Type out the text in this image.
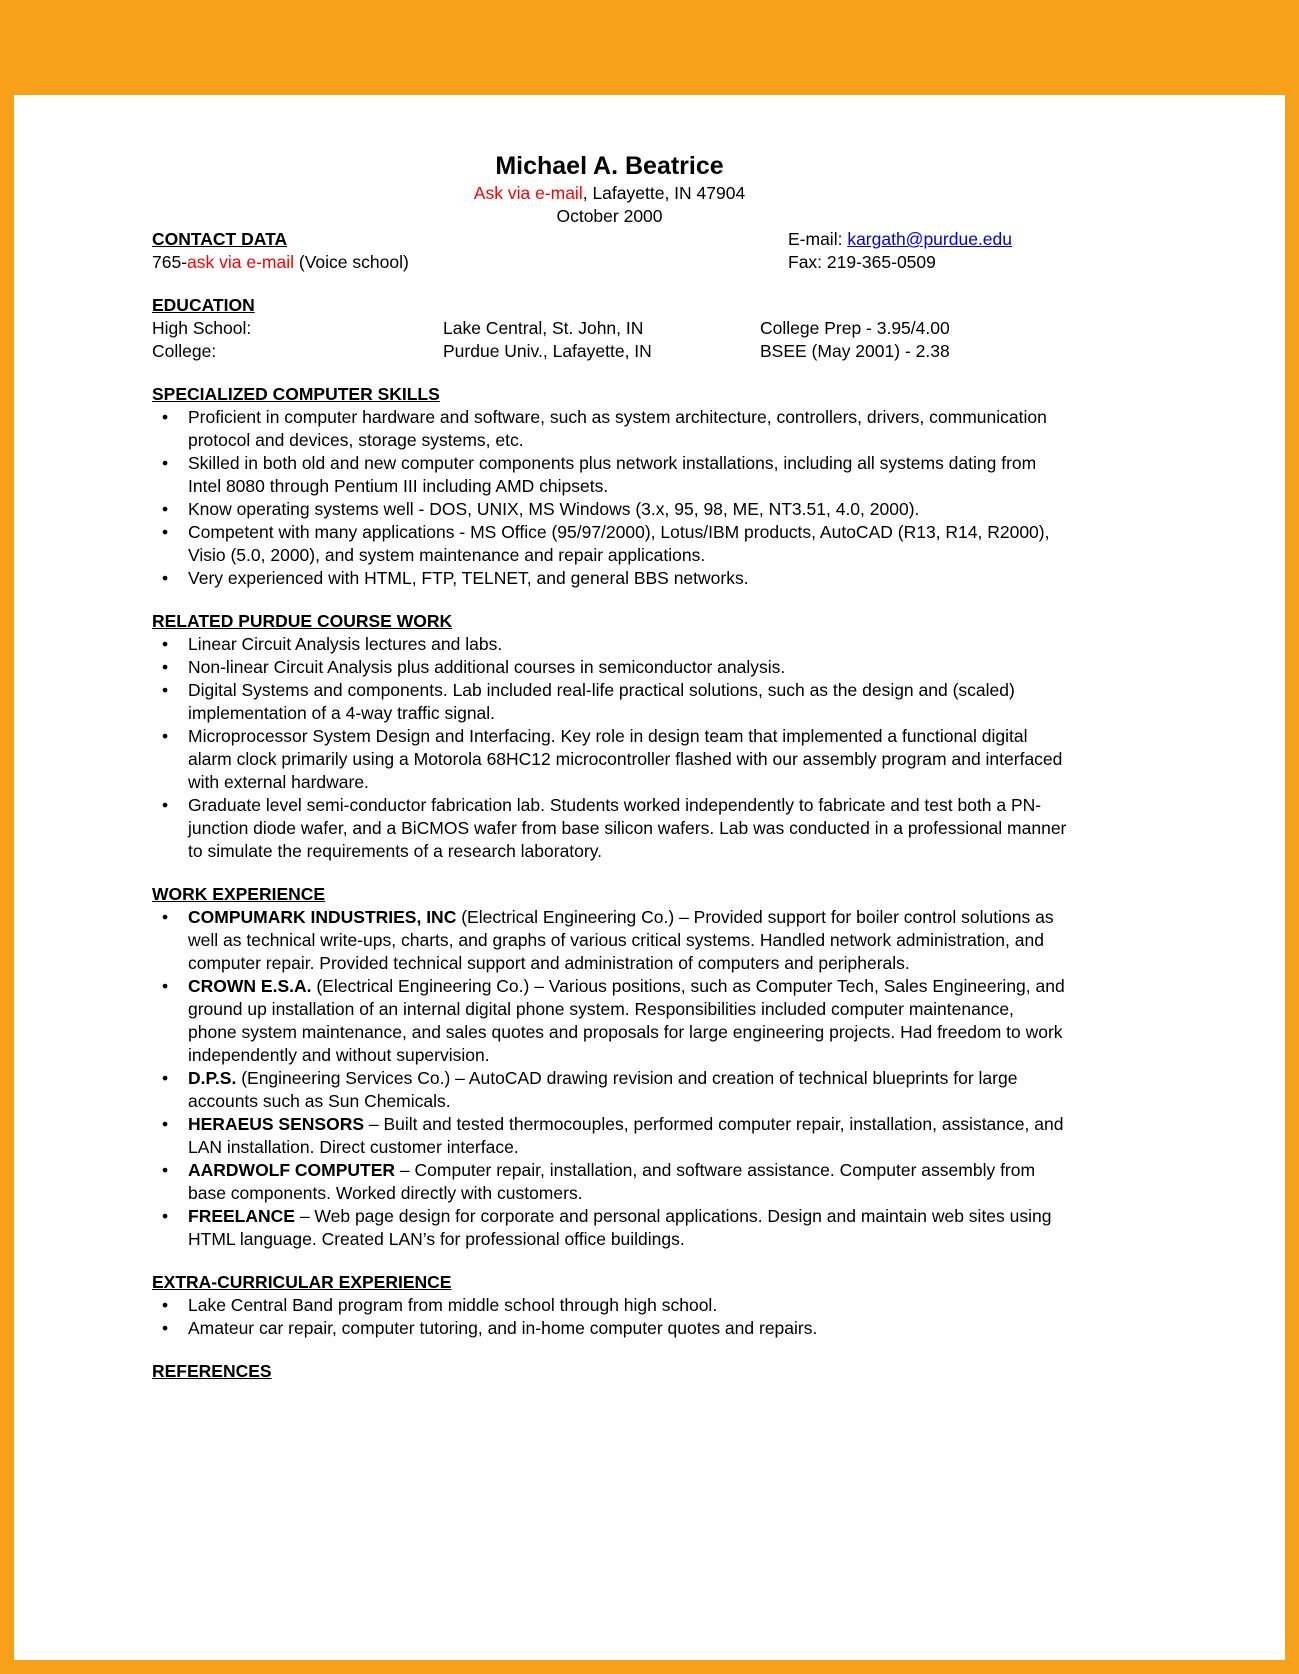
Michael A. Beatrice
Ask via e-mail, Lafayette, IN 47904
October 2000
CONTACT DATA	E-mail: kargath@purdue.edu
765-ask via e-mail (Voice school)	Fax: 219-365-0509
EDUCATION
High School:	Lake Central, St. John, IN	College Prep - 3.95/4.00
College:	Purdue Univ., Lafayette, IN	BSEE (May 2001) - 2.38
SPECIALIZED COMPUTER SKILLS
• Proficient in computer hardware and software, such as system architecture, controllers, drivers, communication protocol and devices, storage systems, etc.
• Skilled in both old and new computer components plus network installations, including all systems dating from Intel 8080 through Pentium III including AMD chipsets.
• Know operating systems well - DOS, UNIX, MS Windows (3.x, 95, 98, ME, NT3.51, 4.0, 2000).
• Competent with many applications - MS Office (95/97/2000), Lotus/IBM products, AutoCAD (R13, R14, R2000), Visio (5.0, 2000), and system maintenance and repair applications.
• Very experienced with HTML, FTP, TELNET, and general BBS networks.
RELATED PURDUE COURSE WORK
• Linear Circuit Analysis lectures and labs.
• Non-linear Circuit Analysis plus additional courses in semiconductor analysis.
• Digital Systems and components. Lab included real-life practical solutions, such as the design and (scaled) implementation of a 4-way traffic signal.
• Microprocessor System Design and Interfacing. Key role in design team that implemented a functional digital alarm clock primarily using a Motorola 68HC12 microcontroller flashed with our assembly program and interfaced with external hardware.
• Graduate level semi-conductor fabrication lab. Students worked independently to fabricate and test both a PN-junction diode wafer, and a BiCMOS wafer from base silicon wafers. Lab was conducted in a professional manner to simulate the requirements of a research laboratory.
WORK EXPERIENCE
• COMPUMARK INDUSTRIES, INC (Electrical Engineering Co.) – Provided support for boiler control solutions as well as technical write-ups, charts, and graphs of various critical systems. Handled network administration, and computer repair. Provided technical support and administration of computers and peripherals.
• CROWN E.S.A. (Electrical Engineering Co.) – Various positions, such as Computer Tech, Sales Engineering, and ground up installation of an internal digital phone system. Responsibilities included computer maintenance, phone system maintenance, and sales quotes and proposals for large engineering projects. Had freedom to work independently and without supervision.
• D.P.S. (Engineering Services Co.) – AutoCAD drawing revision and creation of technical blueprints for large accounts such as Sun Chemicals.
• HERAEUS SENSORS – Built and tested thermocouples, performed computer repair, installation, assistance, and LAN installation. Direct customer interface.
• AARDWOLF COMPUTER – Computer repair, installation, and software assistance. Computer assembly from base components. Worked directly with customers.
• FREELANCE – Web page design for corporate and personal applications. Design and maintain web sites using HTML language. Created LAN’s for professional office buildings.
EXTRA-CURRICULAR EXPERIENCE
• Lake Central Band program from middle school through high school.
• Amateur car repair, computer tutoring, and in-home computer quotes and repairs.
REFERENCES
